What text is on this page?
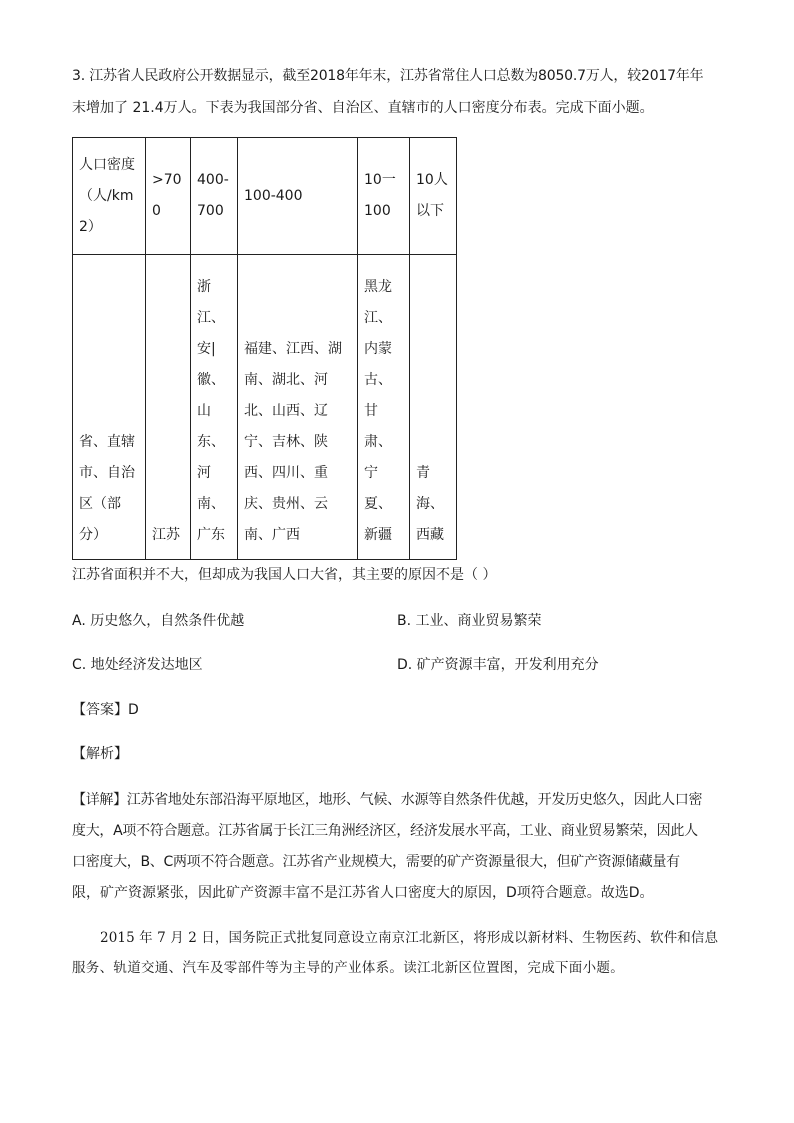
3. 江苏省人民政府公开数据显示，截至2018年年末，江苏省常住人口总数为8050.7万人，较2017年年
末增加了 21.4万人。下表为我国部分省、自治区、直辖市的人口密度分布表。完成下面小题。
人口密度（人/km2）	>700	400-700	100-400	10一100	10人以下

省、直辖市、自治区（部分）	江苏	浙江、安|徽、山东、河南、广东	福建、江西、湖南、湖北、河北、山西、辽宁、吉林、陕西、四川、重庆、贵州、云南、广西	黑龙江、内蒙古、甘肃、宁夏、新疆	青海、西藏
江苏省面积并不大，但却成为我国人口大省，其主要的原因不是（ ）
A. 历史悠久，自然条件优越	B. 工业、商业贸易繁荣
C. 地处经济发达地区	D. 矿产资源丰富，开发利用充分
【答案】D
【解析】
【详解】江苏省地处东部沿海平原地区，地形、气候、水源等自然条件优越，开发历史悠久，因此人口密
度大，A项不符合题意。江苏省属于长江三角洲经济区，经济发展水平高，工业、商业贸易繁荣，因此人
口密度大，B、C两项不符合题意。江苏省产业规模大，需要的矿产资源量很大，但矿产资源储藏量有
限，矿产资源紧张，因此矿产资源丰富不是江苏省人口密度大的原因，D项符合题意。故选D。
2015 年 7 月 2 日，国务院正式批复同意设立南京江北新区，将形成以新材料、生物医药、软件和信息
服务、轨道交通、汽车及零部件等为主导的产业体系。读江北新区位置图，完成下面小题。
